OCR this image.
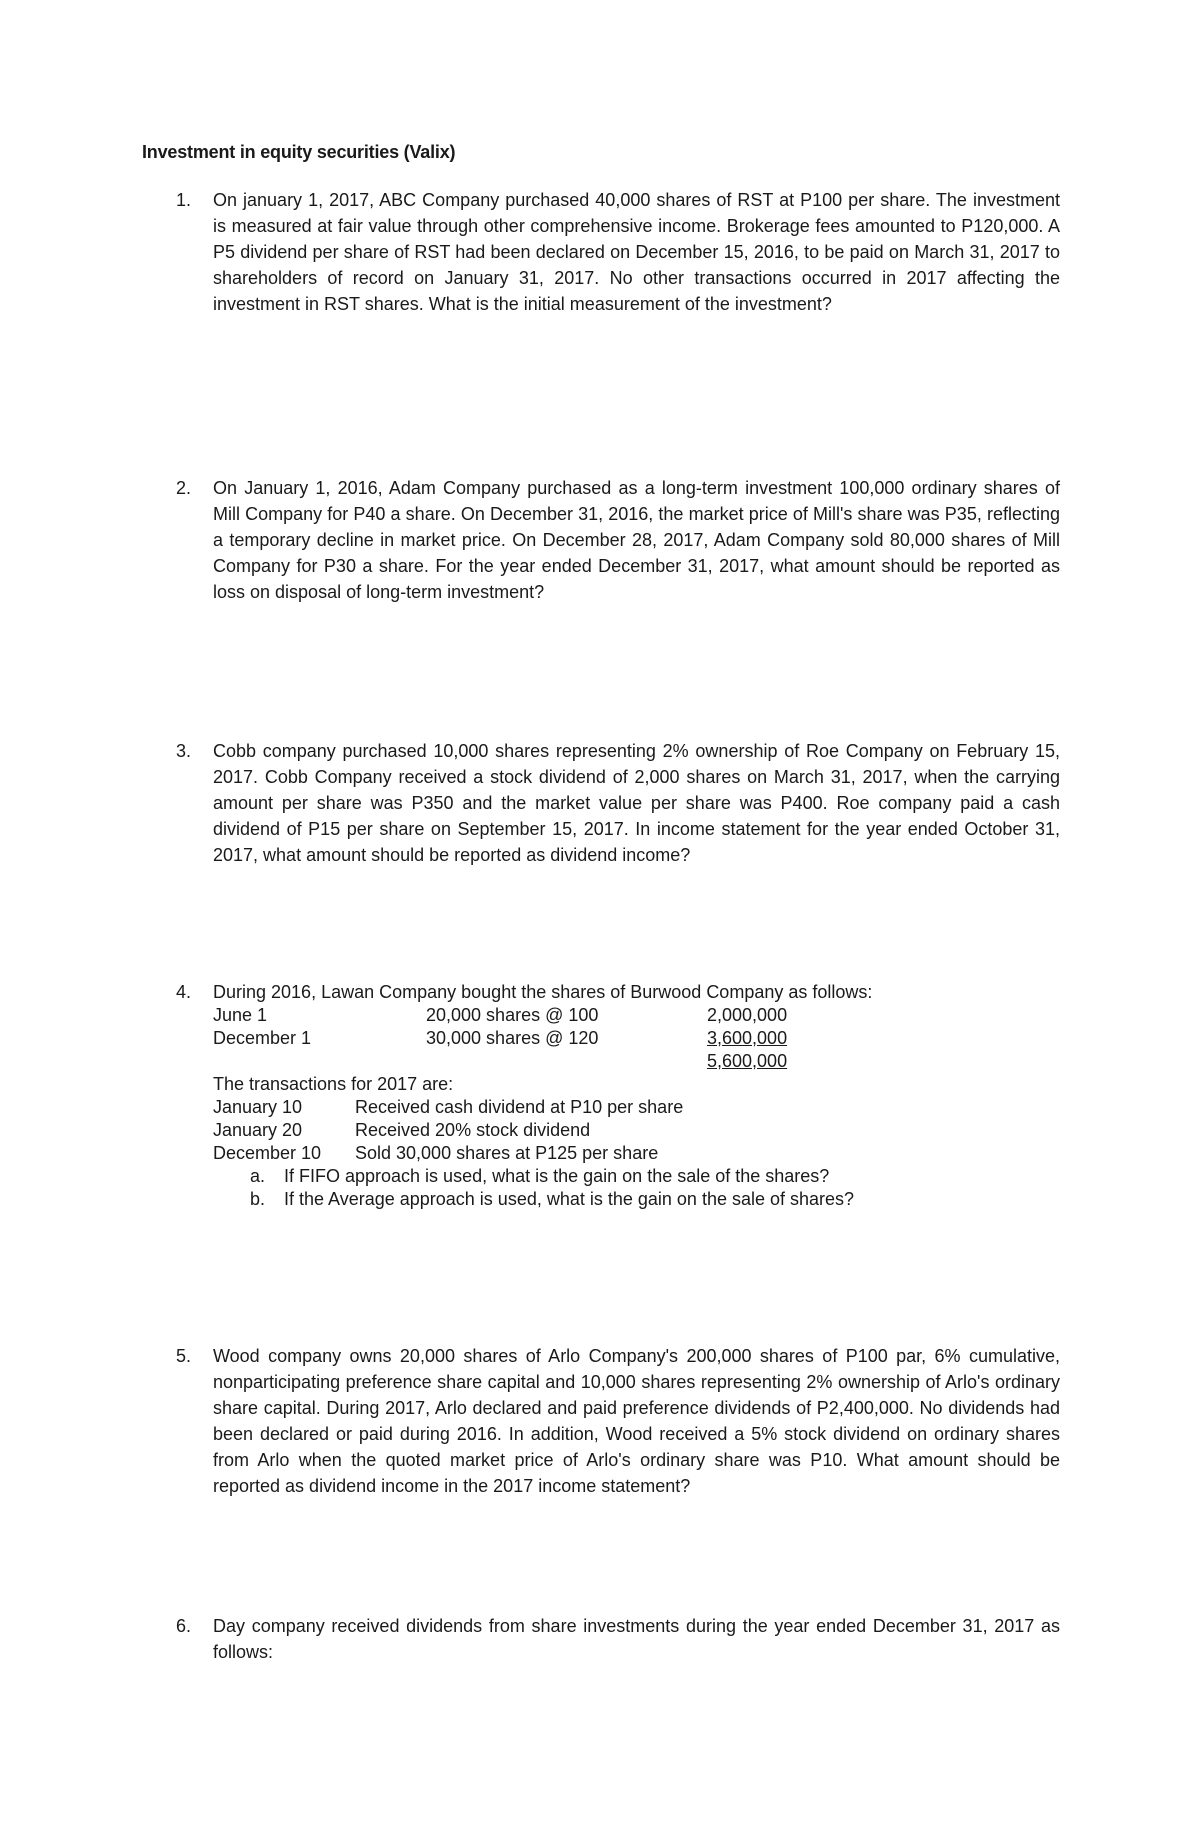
Investment in equity securities (Valix)
1. On january 1, 2017, ABC Company purchased 40,000 shares of RST at P100 per share. The investment is measured at fair value through other comprehensive income. Brokerage fees amounted to P120,000. A P5 dividend per share of RST had been declared on December 15, 2016, to be paid on March 31, 2017 to shareholders of record on January 31, 2017. No other transactions occurred in 2017 affecting the investment in RST shares. What is the initial measurement of the investment?
2. On January 1, 2016, Adam Company purchased as a long-term investment 100,000 ordinary shares of Mill Company for P40 a share. On December 31, 2016, the market price of Mill's share was P35, reflecting a temporary decline in market price. On December 28, 2017, Adam Company sold 80,000 shares of Mill Company for P30 a share. For the year ended December 31, 2017, what amount should be reported as loss on disposal of long-term investment?
3. Cobb company purchased 10,000 shares representing 2% ownership of Roe Company on February 15, 2017. Cobb Company received a stock dividend of 2,000 shares on March 31, 2017, when the carrying amount per share was P350 and the market value per share was P400. Roe company paid a cash dividend of P15 per share on September 15, 2017. In income statement for the year ended October 31, 2017, what amount should be reported as dividend income?
4. During 2016, Lawan Company bought the shares of Burwood Company as follows:
June 1	20,000 shares @ 100	2,000,000
December 1	30,000 shares @ 120	3,600,000
5,600,000
The transactions for 2017 are:
January 10	Received cash dividend at P10 per share
January 20	Received 20% stock dividend
December 10 Sold 30,000 shares at P125 per share
a. If FIFO approach is used, what is the gain on the sale of the shares?
b. If the Average approach is used, what is the gain on the sale of shares?
5. Wood company owns 20,000 shares of Arlo Company's 200,000 shares of P100 par, 6% cumulative, nonparticipating preference share capital and 10,000 shares representing 2% ownership of Arlo's ordinary share capital. During 2017, Arlo declared and paid preference dividends of P2,400,000. No dividends had been declared or paid during 2016. In addition, Wood received a 5% stock dividend on ordinary shares from Arlo when the quoted market price of Arlo's ordinary share was P10. What amount should be reported as dividend income in the 2017 income statement?
6. Day company received dividends from share investments during the year ended December 31, 2017 as follows:
